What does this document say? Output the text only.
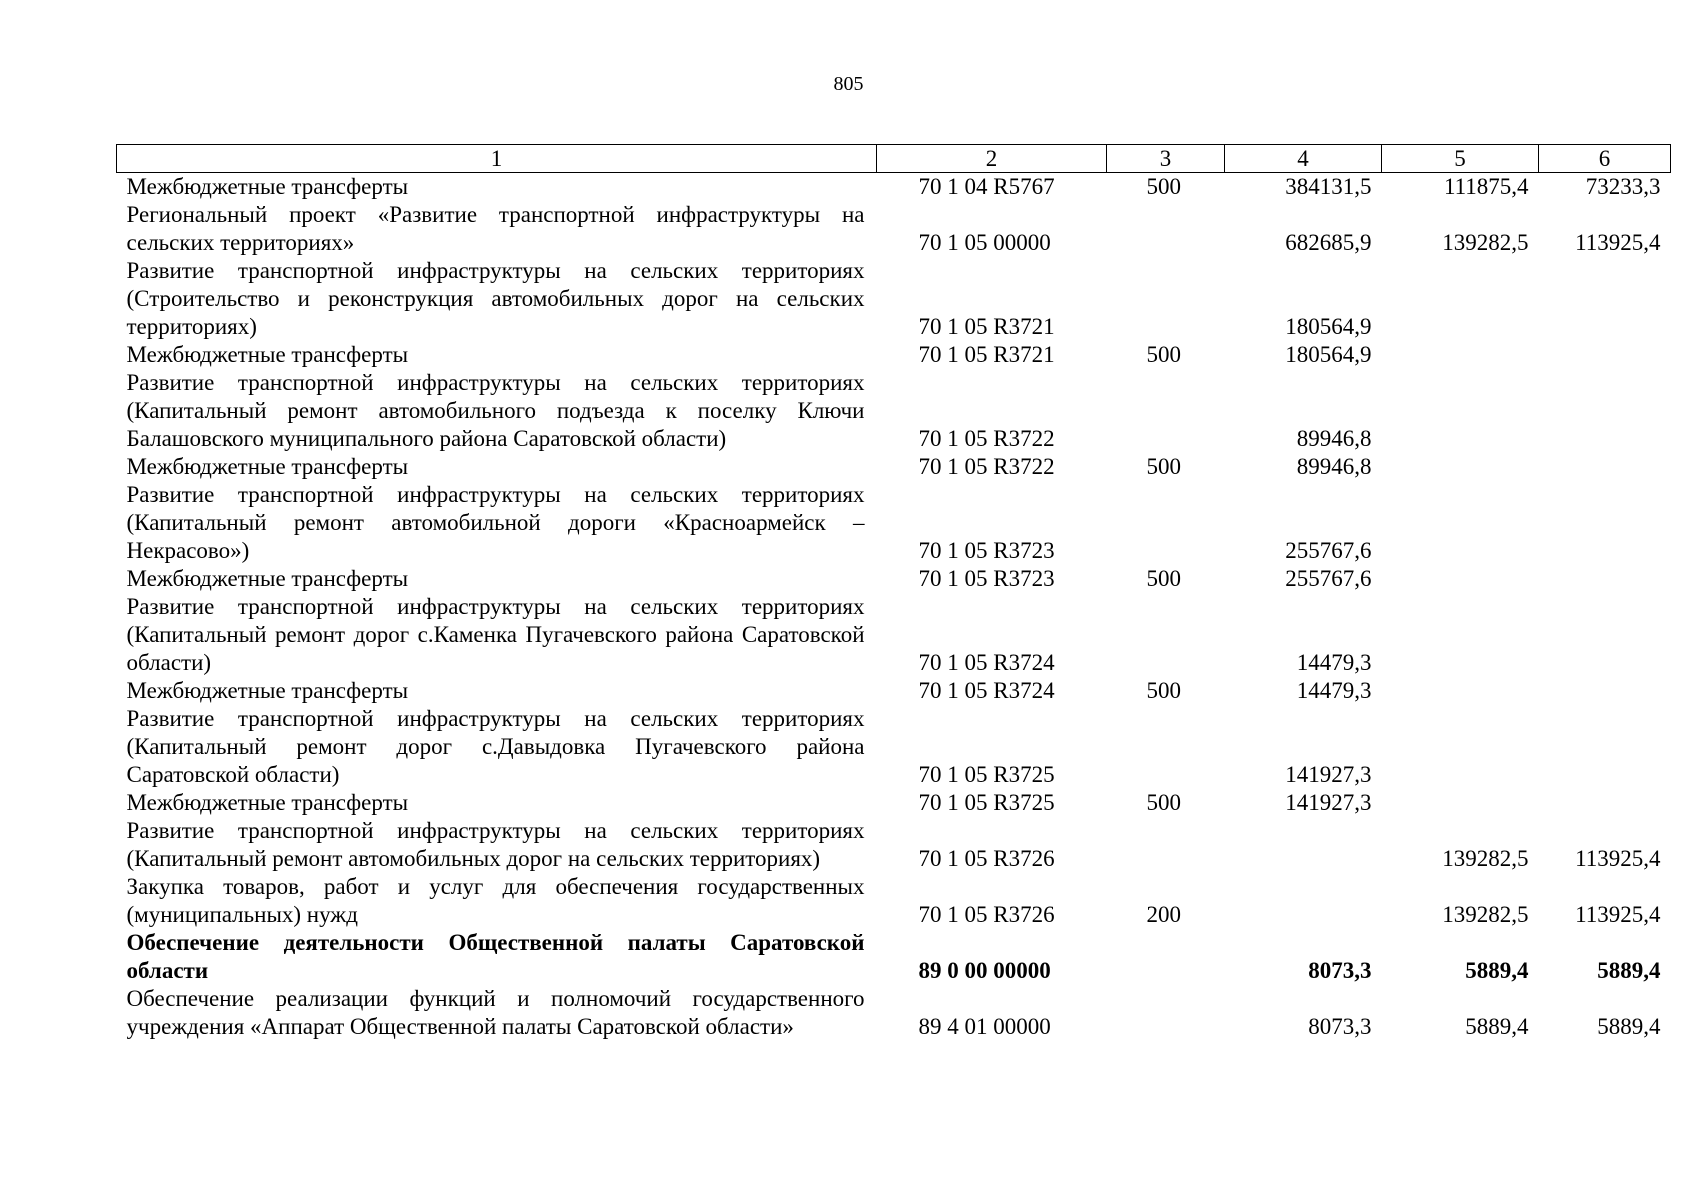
805
1	2	3	4	5	6
Межбюджетные трансферты	70 1 04 R5767	500	384131,5	111875,4	73233,3
Региональный проект «Развитие транспортной инфраструктуры на сельских территориях»	70 1 05 00000		682685,9	139282,5	113925,4
Развитие транспортной инфраструктуры на сельских территориях (Строительство и реконструкция автомобильных дорог на сельских территориях)	70 1 05 R3721		180564,9		
Межбюджетные трансферты	70 1 05 R3721	500	180564,9		
Развитие транспортной инфраструктуры на сельских территориях (Капитальный ремонт автомобильного подъезда к поселку Ключи Балашовского муниципального района Саратовской области)	70 1 05 R3722		89946,8		
Межбюджетные трансферты	70 1 05 R3722	500	89946,8		
Развитие транспортной инфраструктуры на сельских территориях (Капитальный ремонт автомобильной дороги «Красноармейск – Некрасово»)	70 1 05 R3723		255767,6		
Межбюджетные трансферты	70 1 05 R3723	500	255767,6		
Развитие транспортной инфраструктуры на сельских территориях (Капитальный ремонт дорог с.Каменка Пугачевского района Саратовской области)	70 1 05 R3724		14479,3		
Межбюджетные трансферты	70 1 05 R3724	500	14479,3		
Развитие транспортной инфраструктуры на сельских территориях (Капитальный ремонт дорог с.Давыдовка Пугачевского района Саратовской области)	70 1 05 R3725		141927,3		
Межбюджетные трансферты	70 1 05 R3725	500	141927,3		
Развитие транспортной инфраструктуры на сельских территориях (Капитальный ремонт автомобильных дорог на сельских территориях)	70 1 05 R3726			139282,5	113925,4
Закупка товаров, работ и услуг для обеспечения государственных (муниципальных) нужд	70 1 05 R3726	200		139282,5	113925,4
Обеспечение деятельности Общественной палаты Саратовской области	89 0 00 00000		8073,3	5889,4	5889,4
Обеспечение реализации функций и полномочий государственного учреждения «Аппарат Общественной палаты Саратовской области»	89 4 01 00000		8073,3	5889,4	5889,4
